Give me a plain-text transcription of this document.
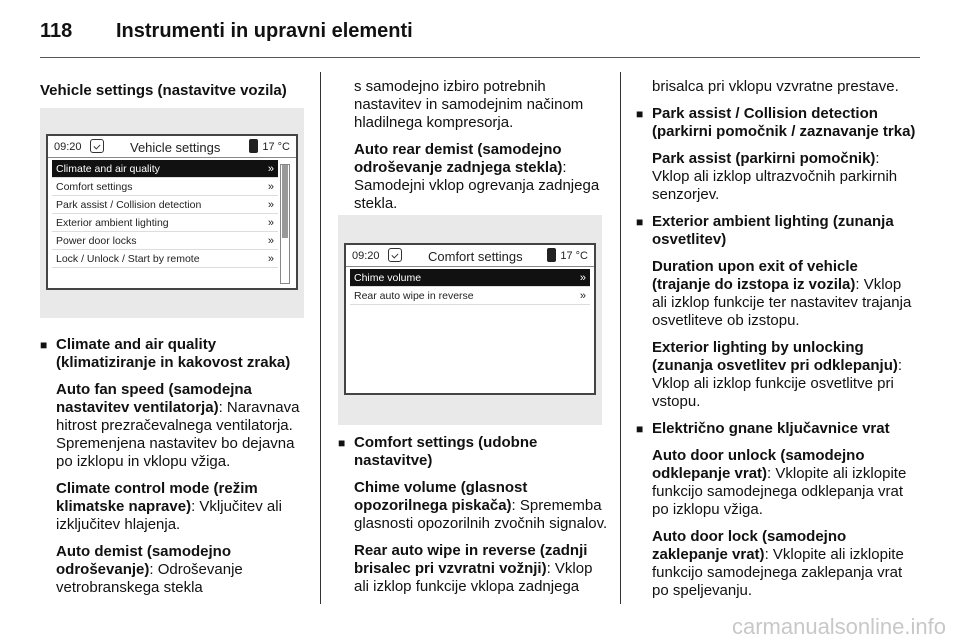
118	Instrumenti in upravni elementi
Vehicle settings (nastavitve vozila)
09:20	Vehicle settings	17 °C
Climate and air quality	»
Comfort settings	»
Park assist / Collision detection	»
Exterior ambient lighting	»
Power door locks	»
Lock / Unlock / Start by remote	»
■ Climate and air quality (klimatiziranje in kakovost zraka)

Auto fan speed (samodejna nastavitev ventilatorja): Naravnava hitrost prezračevalnega ventilatorja. Spremenjena nastavitev bo dejavna po izklopu in vklopu vžiga.

Climate control mode (režim klimatske naprave): Vključitev ali izključitev hlajenja.

Auto demist (samodejno odroševanje): Odroševanje vetrobranskega stekla

s samodejno izbiro potrebnih nastavitev in samodejnim načinom hladilnega kompresorja.

Auto rear demist (samodejno odroševanje zadnjega stekla): Samodejni vklop ogrevanja zadnjega stekla.

09:20	Comfort settings	17 °C
Chime volume	»
Rear auto wipe in reverse	»
■ Comfort settings (udobne nastavitve)

Chime volume (glasnost opozorilnega piskača): Sprememba glasnosti opozorilnih zvočnih signalov.

Rear auto wipe in reverse (zadnji brisalec pri vzvratni vožnji): Vklop ali izklop funkcije vklopa zadnjega

brisalca pri vklopu vzvratne prestave.

■ Park assist / Collision detection (parkirni pomočnik / zaznavanje trka)

Park assist (parkirni pomočnik): Vklop ali izklop ultrazvočnih parkirnih senzorjev.

■ Exterior ambient lighting (zunanja osvetlitev)

Duration upon exit of vehicle (trajanje do izstopa iz vozila): Vklop ali izklop funkcije ter nastavitev trajanja osvetliteve ob izstopu.

Exterior lighting by unlocking (zunanja osvetlitev pri odklepanju): Vklop ali izklop funkcije osvetlitve pri vstopu.

■ Električno gnane ključavnice vrat

Auto door unlock (samodejno odklepanje vrat): Vklopite ali izklopite funkcijo samodejnega odklepanja vrat po izklopu vžiga.

Auto door lock (samodejno zaklepanje vrat): Vklopite ali izklopite funkcijo samodejnega zaklepanja vrat po speljevanju.

carmanualsonline.info
